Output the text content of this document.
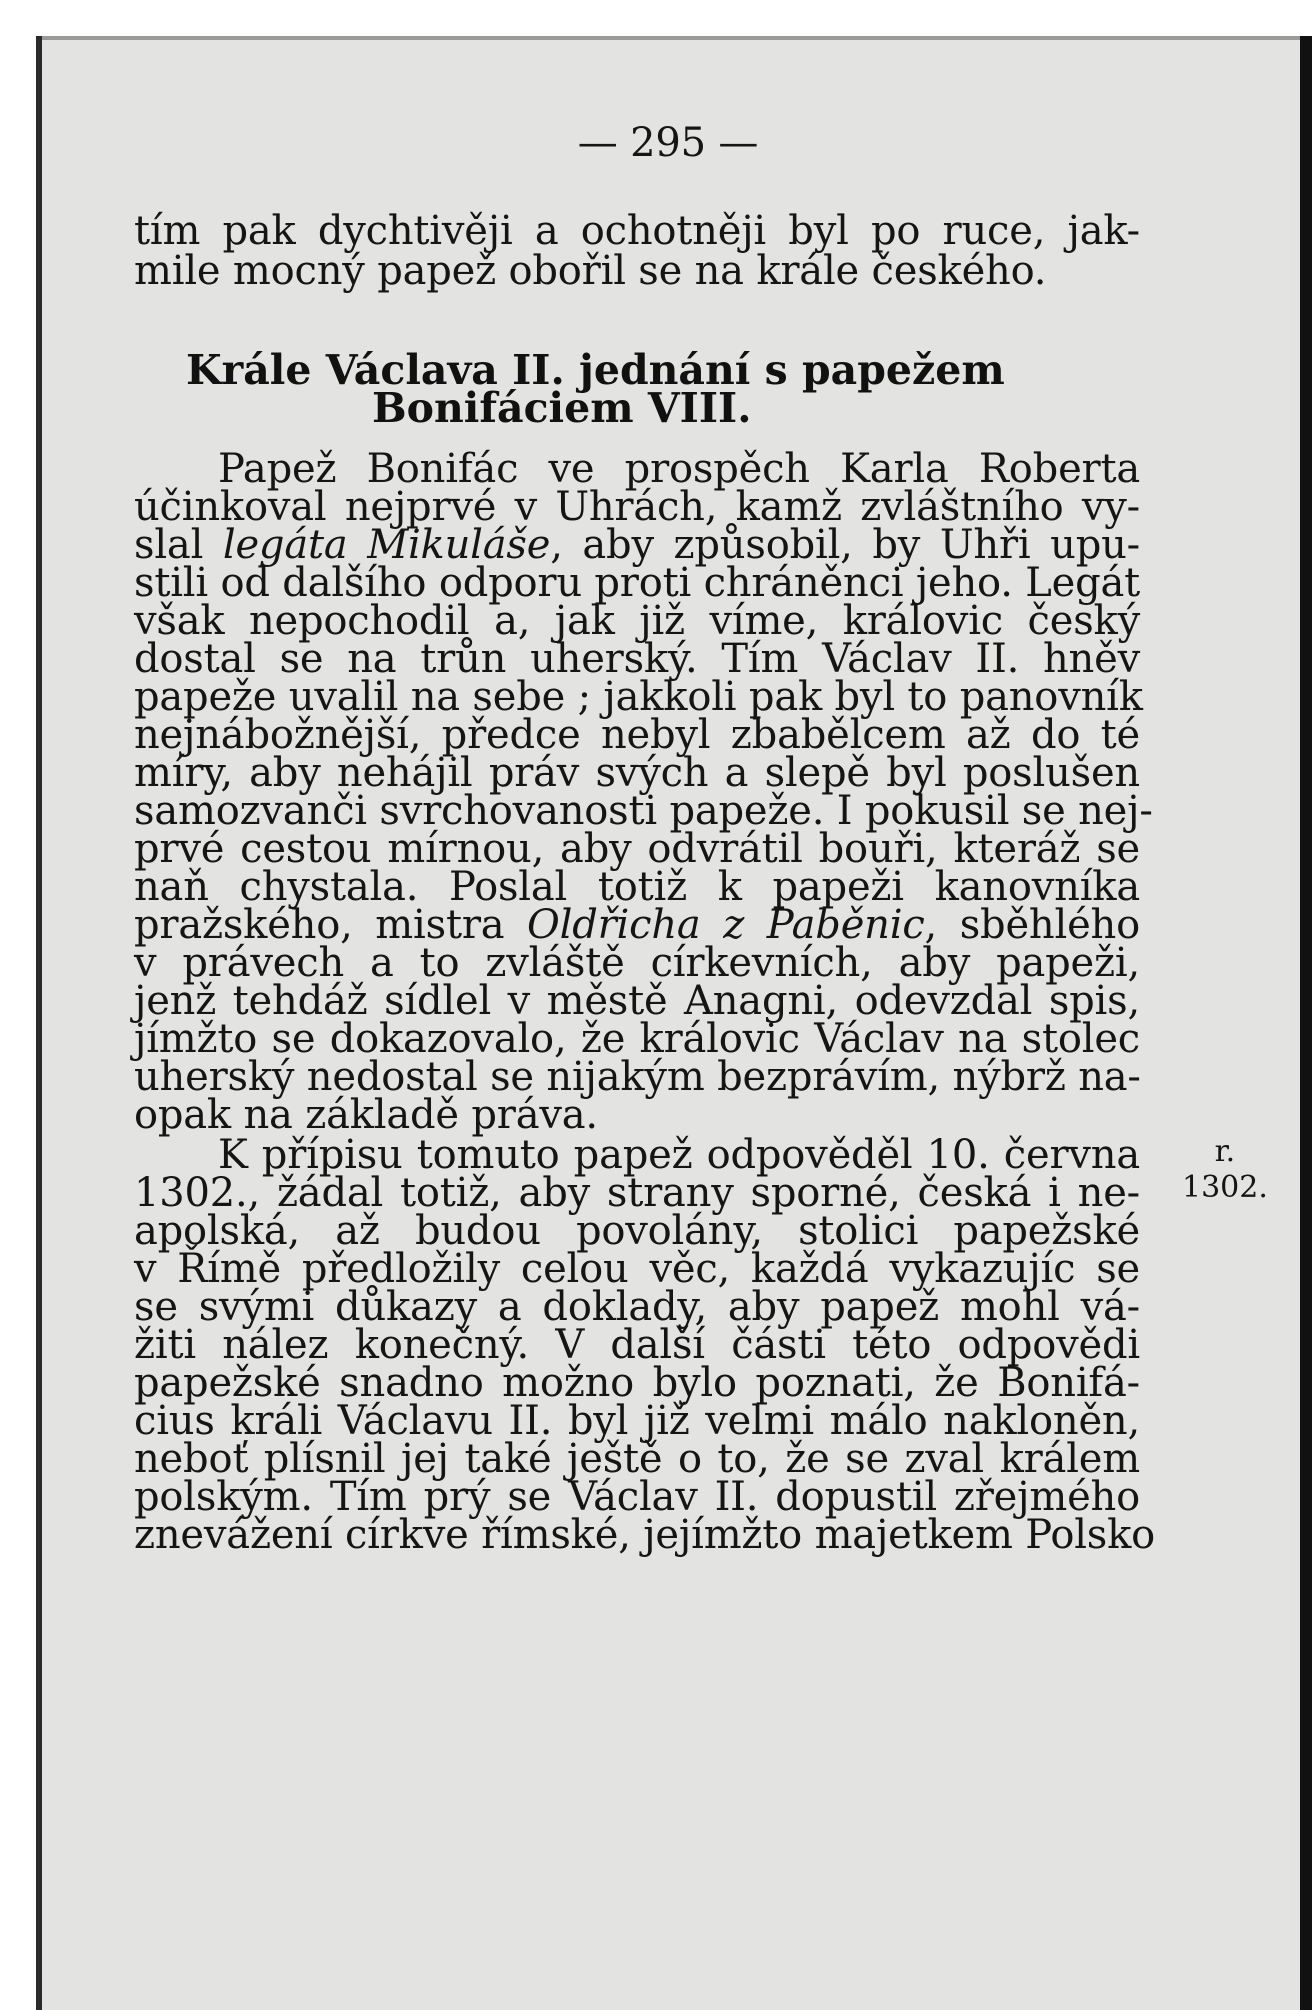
— 295 —
tím pak dychtivěji a ochotněji byl po ruce, jak-
mile mocný papež obořil se na krále českého.
Krále Václava II. jednání s papežem
Bonifáciem VIII.
Papež Bonifác ve prospěch Karla Roberta
účinkoval nejprvé v Uhrách, kamž zvláštního vy-
slal legáta Mikuláše, aby způsobil, by Uhři upu-
stili od dalšího odporu proti chráněnci jeho. Legát
však nepochodil a, jak již víme, královic český
dostal se na trůn uherský. Tím Václav II. hněv
papeže uvalil na sebe ; jakkoli pak byl to panovník
nejnábožnější, předce nebyl zbabělcem až do té
míry, aby nehájil práv svých a slepě byl poslušen
samozvanči svrchovanosti papeže. I pokusil se nej-
prvé cestou mírnou, aby odvrátil bouři, kteráž se
naň chystala. Poslal totiž k papeži kanovníka
pražského, mistra Oldřicha z Paběnic, sběhlého
v právech a to zvláště církevních, aby papeži,
jenž tehdáž sídlel v městě Anagni, odevzdal spis,
jímžto se dokazovalo, že královic Václav na stolec
uherský nedostal se nijakým bezprávím, nýbrž na-
opak na základě práva.
K přípisu tomuto papež odpověděl 10. června
1302., žádal totiž, aby strany sporné, česká i ne-
apolská, až budou povolány, stolici papežské
v Římě předložily celou věc, každá vykazujíc se
se svými důkazy a doklady, aby papež mohl vá-
žiti nález konečný. V další části této odpovědi
papežské snadno možno bylo poznati, že Bonifá-
cius králi Václavu II. byl již velmi málo nakloněn,
neboť plísnil jej také ještě o to, že se zval králem
polským. Tím prý se Václav II. dopustil zřejmého
znevážení církve římské, jejímžto majetkem Polsko
r.
1302.
